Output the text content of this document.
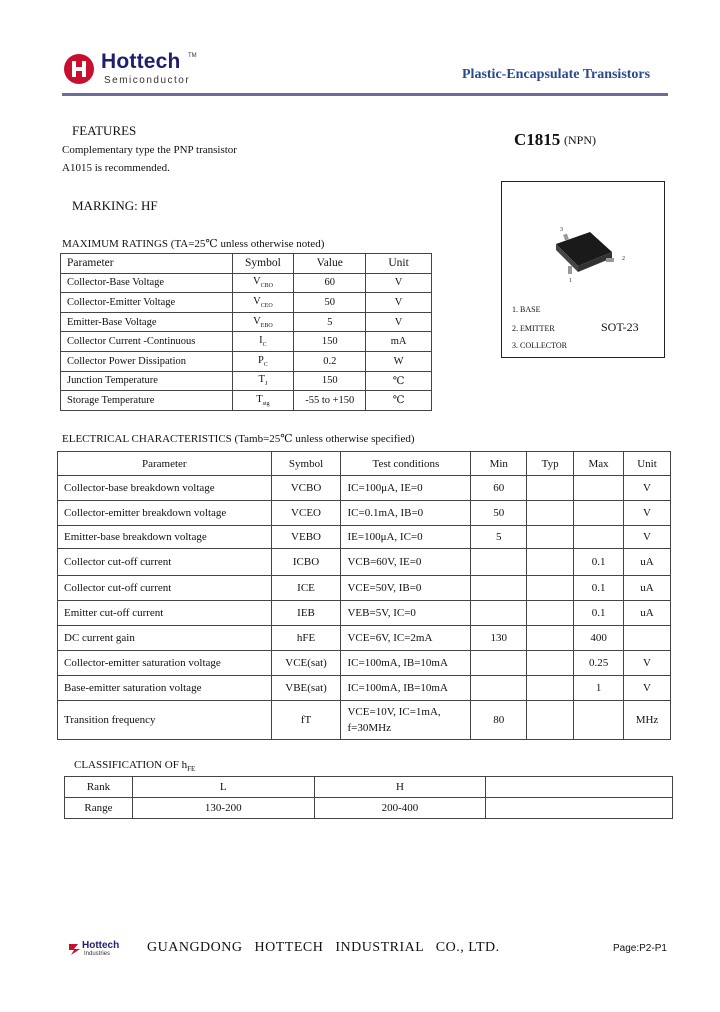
Hottech TM
Semiconductor	Plastic-Encapsulate Transistors
FEATURES
Complementary type the PNP transistor
A1015 is recommended.
C1815 (NPN)
MARKING: HF
3
2
1
1. BASE
2. EMITTER
3. COLLECTOR
SOT-23
MAXIMUM RATINGS (TA=25℃ unless otherwise noted)
Parameter	Symbol	Value	Unit
Collector-Base Voltage	$V_{CBO}$	60	V
Collector-Emitter Voltage	$V_{CEO}$	50	V
Emitter-Base Voltage	$V_{EBO}$	5	V
Collector Current -Continuous	$I_C$	150	mA
Collector Power Dissipation	$P_C$	0.2	W
Junction Temperature	$T_J$	150	℃
Storage Temperature	$T_{stg}$	-55 to +150	℃
ELECTRICAL CHARACTERISTICS (Tamb=25℃ unless otherwise specified)
Parameter	Symbol	Test conditions	Min	Typ	Max	Unit
Collector-base breakdown voltage	VCBO	IC=100μA, IE=0	60			V
Collector-emitter breakdown voltage	VCEO	IC=0.1mA, IB=0	50			V
Emitter-base breakdown voltage	VEBO	IE=100μA, IC=0	5			V
Collector cut-off current	ICBO	VCB=60V, IE=0			0.1	uA
Collector cut-off current	ICE	VCE=50V, IB=0			0.1	uA
Emitter cut-off current	IEB	VEB=5V, IC=0			0.1	uA
DC current gain	hFE	VCE=6V, IC=2mA	130		400	
Collector-emitter saturation voltage	VCE(sat)	IC=100mA, IB=10mA			0.25	V
Base-emitter saturation voltage	VBE(sat)	IC=100mA, IB=10mA			1	V
Transition frequency	fT	VCE=10V, IC=1mA,
f=30MHz	80			MHz
CLASSIFICATION OF $h_{FE}$
Rank	L	H	
Range	130-200	200-400	
Hottech
Industries	GUANGDONG   HOTTECH   INDUSTRIAL   CO., LTD.	Page:P2-P1
